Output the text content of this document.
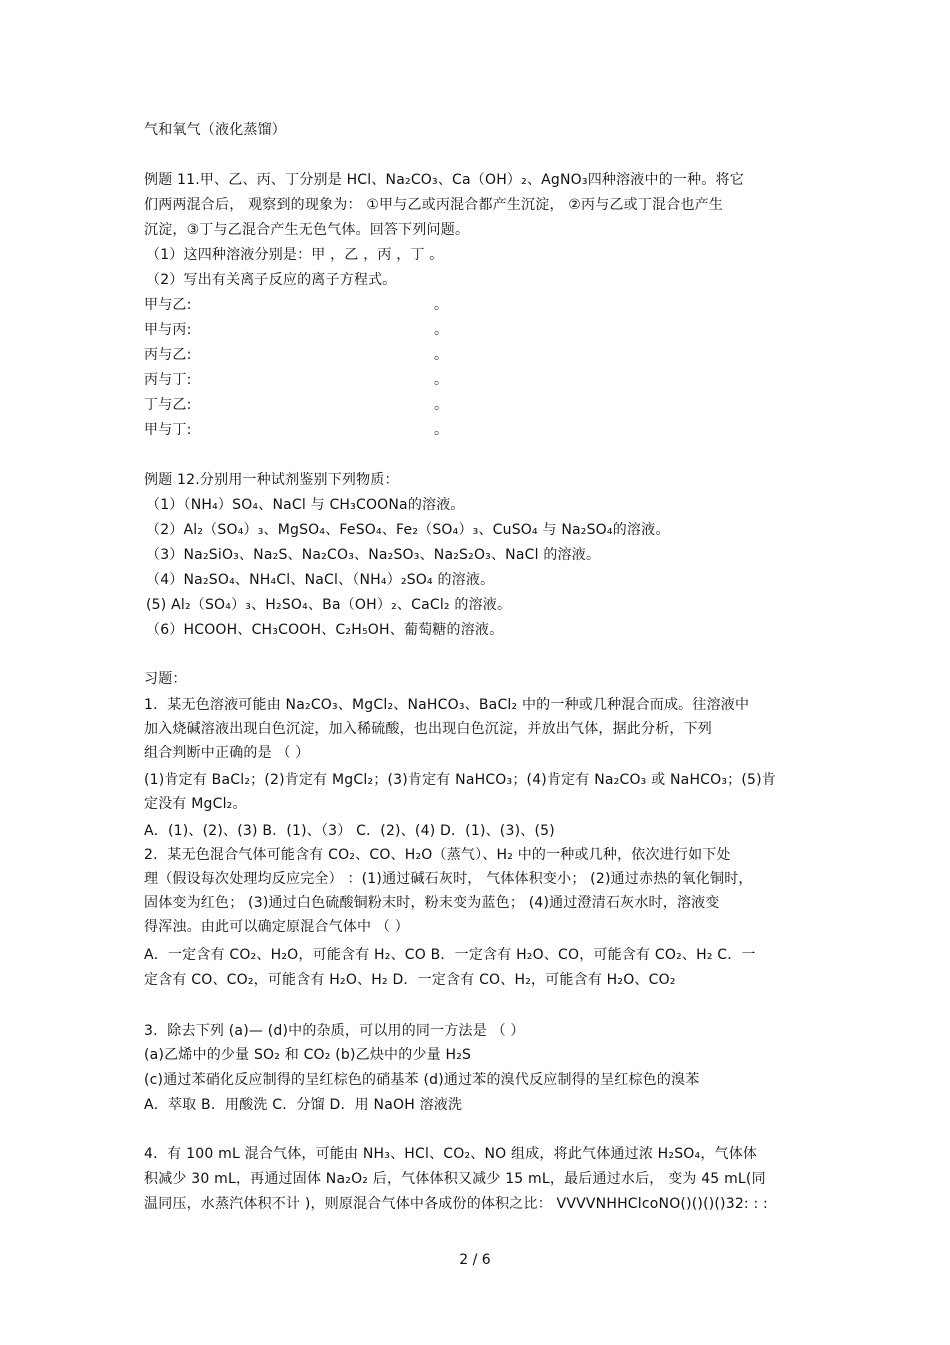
气和氧气（液化蒸馏）
例题 11.甲、乙、丙、丁分别是 HCl、Na₂CO₃、Ca（OH）₂、AgNO₃四种溶液中的一种。将它
们两两混合后， 观察到的现象为： ①甲与乙或丙混合都产生沉淀， ②丙与乙或丁混合也产生
沉淀，③丁与乙混合产生无色气体。回答下列问题。
（1）这四种溶液分别是：甲 ，乙 ，丙 ，丁 。
（2）写出有关离子反应的离子方程式。
甲与乙:	。
甲与丙:	。
丙与乙:	。
丙与丁:	。
丁与乙:	。
甲与丁:	。
例题 12.分别用一种试剂鉴别下列物质：
（1）（NH₄）SO₄、NaCl 与 CH₃COONa的溶液。
（2）Al₂（SO₄）₃、MgSO₄、FeSO₄、Fe₂（SO₄）₃、CuSO₄ 与 Na₂SO₄的溶液。
（3）Na₂SiO₃、Na₂S、Na₂CO₃、Na₂SO₃、Na₂S₂O₃、NaCl 的溶液。
（4）Na₂SO₄、NH₄Cl、NaCl、（NH₄）₂SO₄ 的溶液。
(5) Al₂（SO₄）₃、H₂SO₄、Ba（OH）₂、CaCl₂ 的溶液。
（6）HCOOH、CH₃COOH、C₂H₅OH、葡萄糖的溶液。
习题：
1．某无色溶液可能由 Na₂CO₃、MgCl₂、NaHCO₃、BaCl₂ 中的一种或几种混合而成。往溶液中
加入烧碱溶液出现白色沉淀，加入稀硫酸，也出现白色沉淀，并放出气体，据此分析，下列
组合判断中正确的是 （ ）
(1)肯定有 BaCl₂；(2)肯定有 MgCl₂；(3)肯定有 NaHCO₃；(4)肯定有 Na₂CO₃ 或 NaHCO₃；(5)肯
定没有 MgCl₂。
A．(1)、(2)、(3) B．(1)、（3） C．(2)、(4) D．(1)、(3)、(5)
2．某无色混合气体可能含有 CO₂、CO、H₂O（蒸气）、H₂ 中的一种或几种，依次进行如下处
理（假设每次处理均反应完全） ：(1)通过碱石灰时， 气体体积变小； (2)通过赤热的氧化铜时，
固体变为红色； (3)通过白色硫酸铜粉末时，粉末变为蓝色； (4)通过澄清石灰水时，溶液变
得浑浊。由此可以确定原混合气体中 （ ）
A．一定含有 CO₂、H₂O，可能含有 H₂、CO B．一定含有 H₂O、CO，可能含有 CO₂、H₂ C．一
定含有 CO、CO₂，可能含有 H₂O、H₂ D．一定含有 CO、H₂，可能含有 H₂O、CO₂
3．除去下列 (a)— (d)中的杂质，可以用的同一方法是 （ ）
(a)乙烯中的少量 SO₂ 和 CO₂ (b)乙炔中的少量 H₂S
(c)通过苯硝化反应制得的呈红棕色的硝基苯 (d)通过苯的溴代反应制得的呈红棕色的溴苯
A．萃取 B．用酸洗 C．分馏 D．用 NaOH 溶液洗
4．有 100 mL 混合气体，可能由 NH₃、HCl、CO₂、NO 组成，将此气体通过浓 H₂SO₄，气体体
积减少 30 mL，再通过固体 Na₂O₂ 后，气体体积又减少 15 mL，最后通过水后， 变为 45 mL(同
温同压，水蒸汽体积不计 )，则原混合气体中各成份的体积之比： VVVVNHHClcoNO()()()()32: : :
2 / 6
